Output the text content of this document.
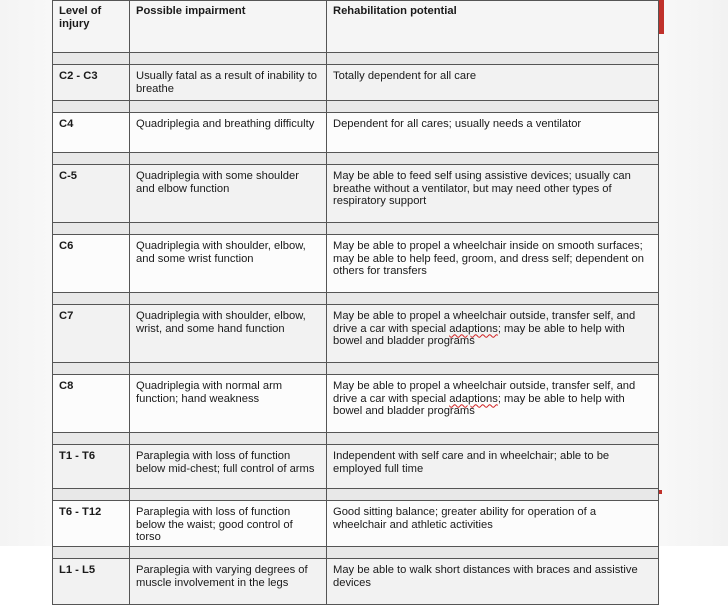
Level of injury	Possible impairment	Rehabilitation potential

C2 - C3	Usually fatal as a result of inability to breathe	Totally dependent for all care

C4	Quadriplegia and breathing difficulty	Dependent for all cares; usually needs a ventilator

C-5	Quadriplegia with some shoulder and elbow function	May be able to feed self using assistive devices; usually can breathe without a ventilator, but may need other types of respiratory support

C6	Quadriplegia with shoulder, elbow, and some wrist function	May be able to propel a wheelchair inside on smooth surfaces; may be able to help feed, groom, and dress self; dependent on others for transfers

C7	Quadriplegia with shoulder, elbow, wrist, and some hand function	May be able to propel a wheelchair outside, transfer self, and drive a car with special adaptions; may be able to help with bowel and bladder programs

C8	Quadriplegia with normal arm function; hand weakness	May be able to propel a wheelchair outside, transfer self, and drive a car with special adaptions; may be able to help with bowel and bladder programs

T1 - T6	Paraplegia with loss of function below mid-chest; full control of arms	Independent with self care and in wheelchair; able to be employed full time

T6 - T12	Paraplegia with loss of function below the waist; good control of torso	Good sitting balance; greater ability for operation of a wheelchair and athletic activities

L1 - L5	Paraplegia with varying degrees of muscle involvement in the legs	May be able to walk short distances with braces and assistive devices
